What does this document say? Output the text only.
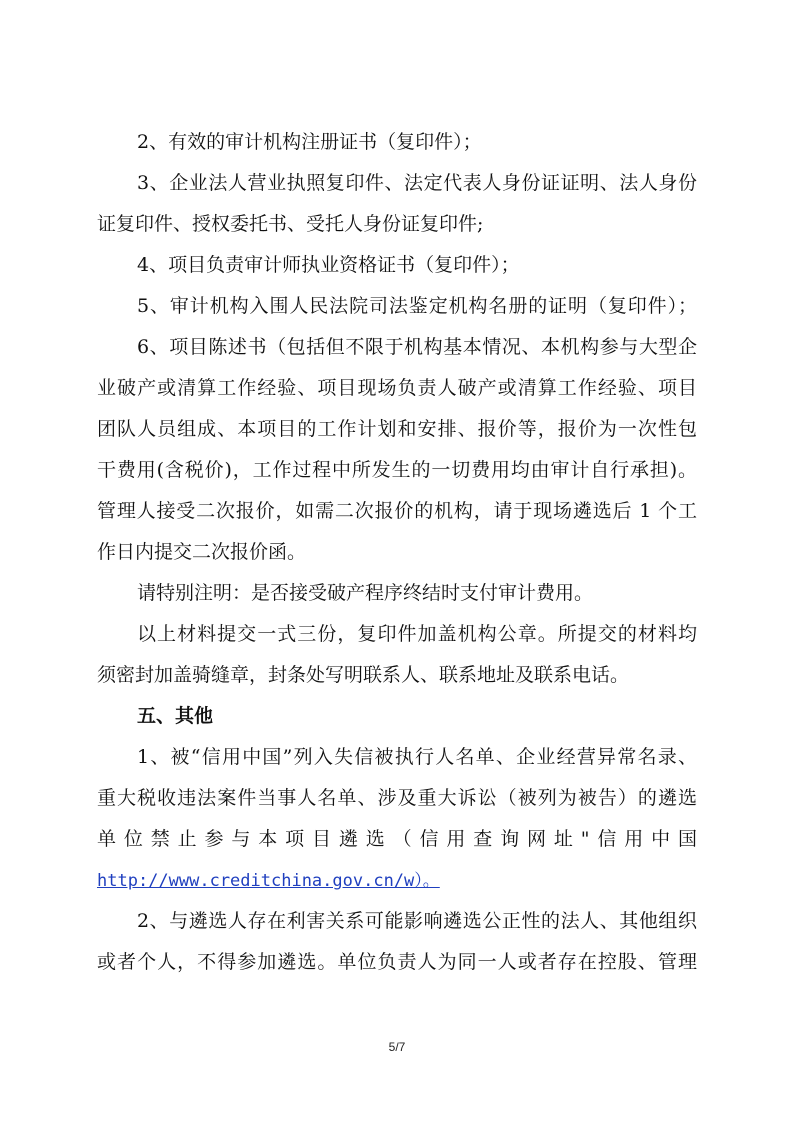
2、有效的审计机构注册证书（复印件）；
3、企业法人营业执照复印件、法定代表人身份证证明、法人身份
证复印件、授权委托书、受托人身份证复印件;
4、项目负责审计师执业资格证书（复印件）；
5、审计机构入围人民法院司法鉴定机构名册的证明（复印件）；
6、项目陈述书（包括但不限于机构基本情况、本机构参与大型企
业破产或清算工作经验、项目现场负责人破产或清算工作经验、项目
团队人员组成、本项目的工作计划和安排、报价等，报价为一次性包
干费用(含税价)，工作过程中所发生的一切费用均由审计自行承担)。
管理人接受二次报价，如需二次报价的机构，请于现场遴选后 1 个工
作日内提交二次报价函。
请特别注明：是否接受破产程序终结时支付审计费用。
以上材料提交一式三份，复印件加盖机构公章。所提交的材料均
须密封加盖骑缝章，封条处写明联系人、联系地址及联系电话。
五、其他
1、被“信用中国”列入失信被执行人名单、企业经营异常名录、
重大税收违法案件当事人名单、涉及重大诉讼（被列为被告）的遴选
单位禁止参与本项目遴选（信用查询网址"信用中国
http://www.creditchina.gov.cn/w）。
2、与遴选人存在利害关系可能影响遴选公正性的法人、其他组织
或者个人，不得参加遴选。单位负责人为同一人或者存在控股、管理
5/7
